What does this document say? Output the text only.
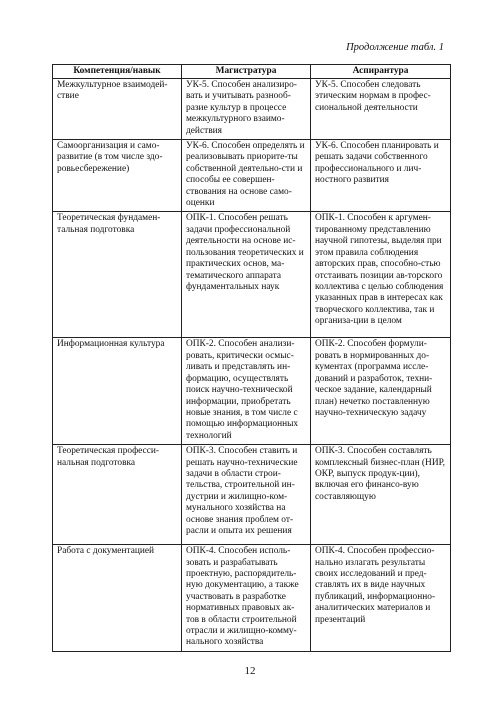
Продолжение табл. 1
Компетенция/навык	Магистратура	Аспирантура
Межкультурное взаимодей-ствие	УК-5. Способен анализиро-вать и учитывать разнооб-разие культур в процессе межкультурного взаимо-действия	УК-5. Способен следовать этическим нормам в профес-сиональной деятельности
Самоорганизация и само-развитие (в том числе здо-ровьесбережение)	УК-6. Способен определять и реализовывать приорите-ты собственной деятельно-сти и способы ее совершен-ствования на основе само-оценки	УК-6. Способен планировать и решать задачи собственного профессионального и лич-ностного развития
Теоретическая фундамен-тальная подготовка	ОПК-1. Способен решать задачи профессиональной деятельности на основе ис-пользования теоретических и практических основ, ма-тематического аппарата фундаментальных наук	ОПК-1. Способен к аргумен-тированному представлению научной гипотезы, выделяя при этом правила соблюдения авторских прав, способно-стью отстаивать позиции ав-торского коллектива с целью соблюдения указанных прав в интересах как творческого коллектива, так и организа-ции в целом
Информационная культура	ОПК-2. Способен анализи-ровать, критически осмыс-ливать и представлять ин-формацию, осуществлять поиск научно-технической информации, приобретать новые знания, в том числе с помощью информационных технологий	ОПК-2. Способен формули-ровать в нормированных до-кументах (программа иссле-дований и разработок, техни-ческое задание, календарный план) нечетко поставленную научно-техническую задачу
Теоретическая професси-нальная подготовка	ОПК-3. Способен ставить и решать научно-технические задачи в области строи-тельства, строительной ин-дустрии и жилищно-ком-мунального хозяйства на основе знания проблем от-расли и опыта их решения	ОПК-3. Способен составлять комплексный бизнес-план (НИР, ОКР, выпуск продук-ции), включая его финансо-вую составляющую
Работа с документацией	ОПК-4. Способен исполь-зовать и разрабатывать проектную, распорядитель-ную документацию, а также участвовать в разработке нормативных правовых ак-тов в области строительной отрасли и жилищно-комму-нального хозяйства	ОПК-4. Способен профессио-нально излагать результаты своих исследований и пред-ставлять их в виде научных публикаций, информационно-аналитических материалов и презентаций
12
